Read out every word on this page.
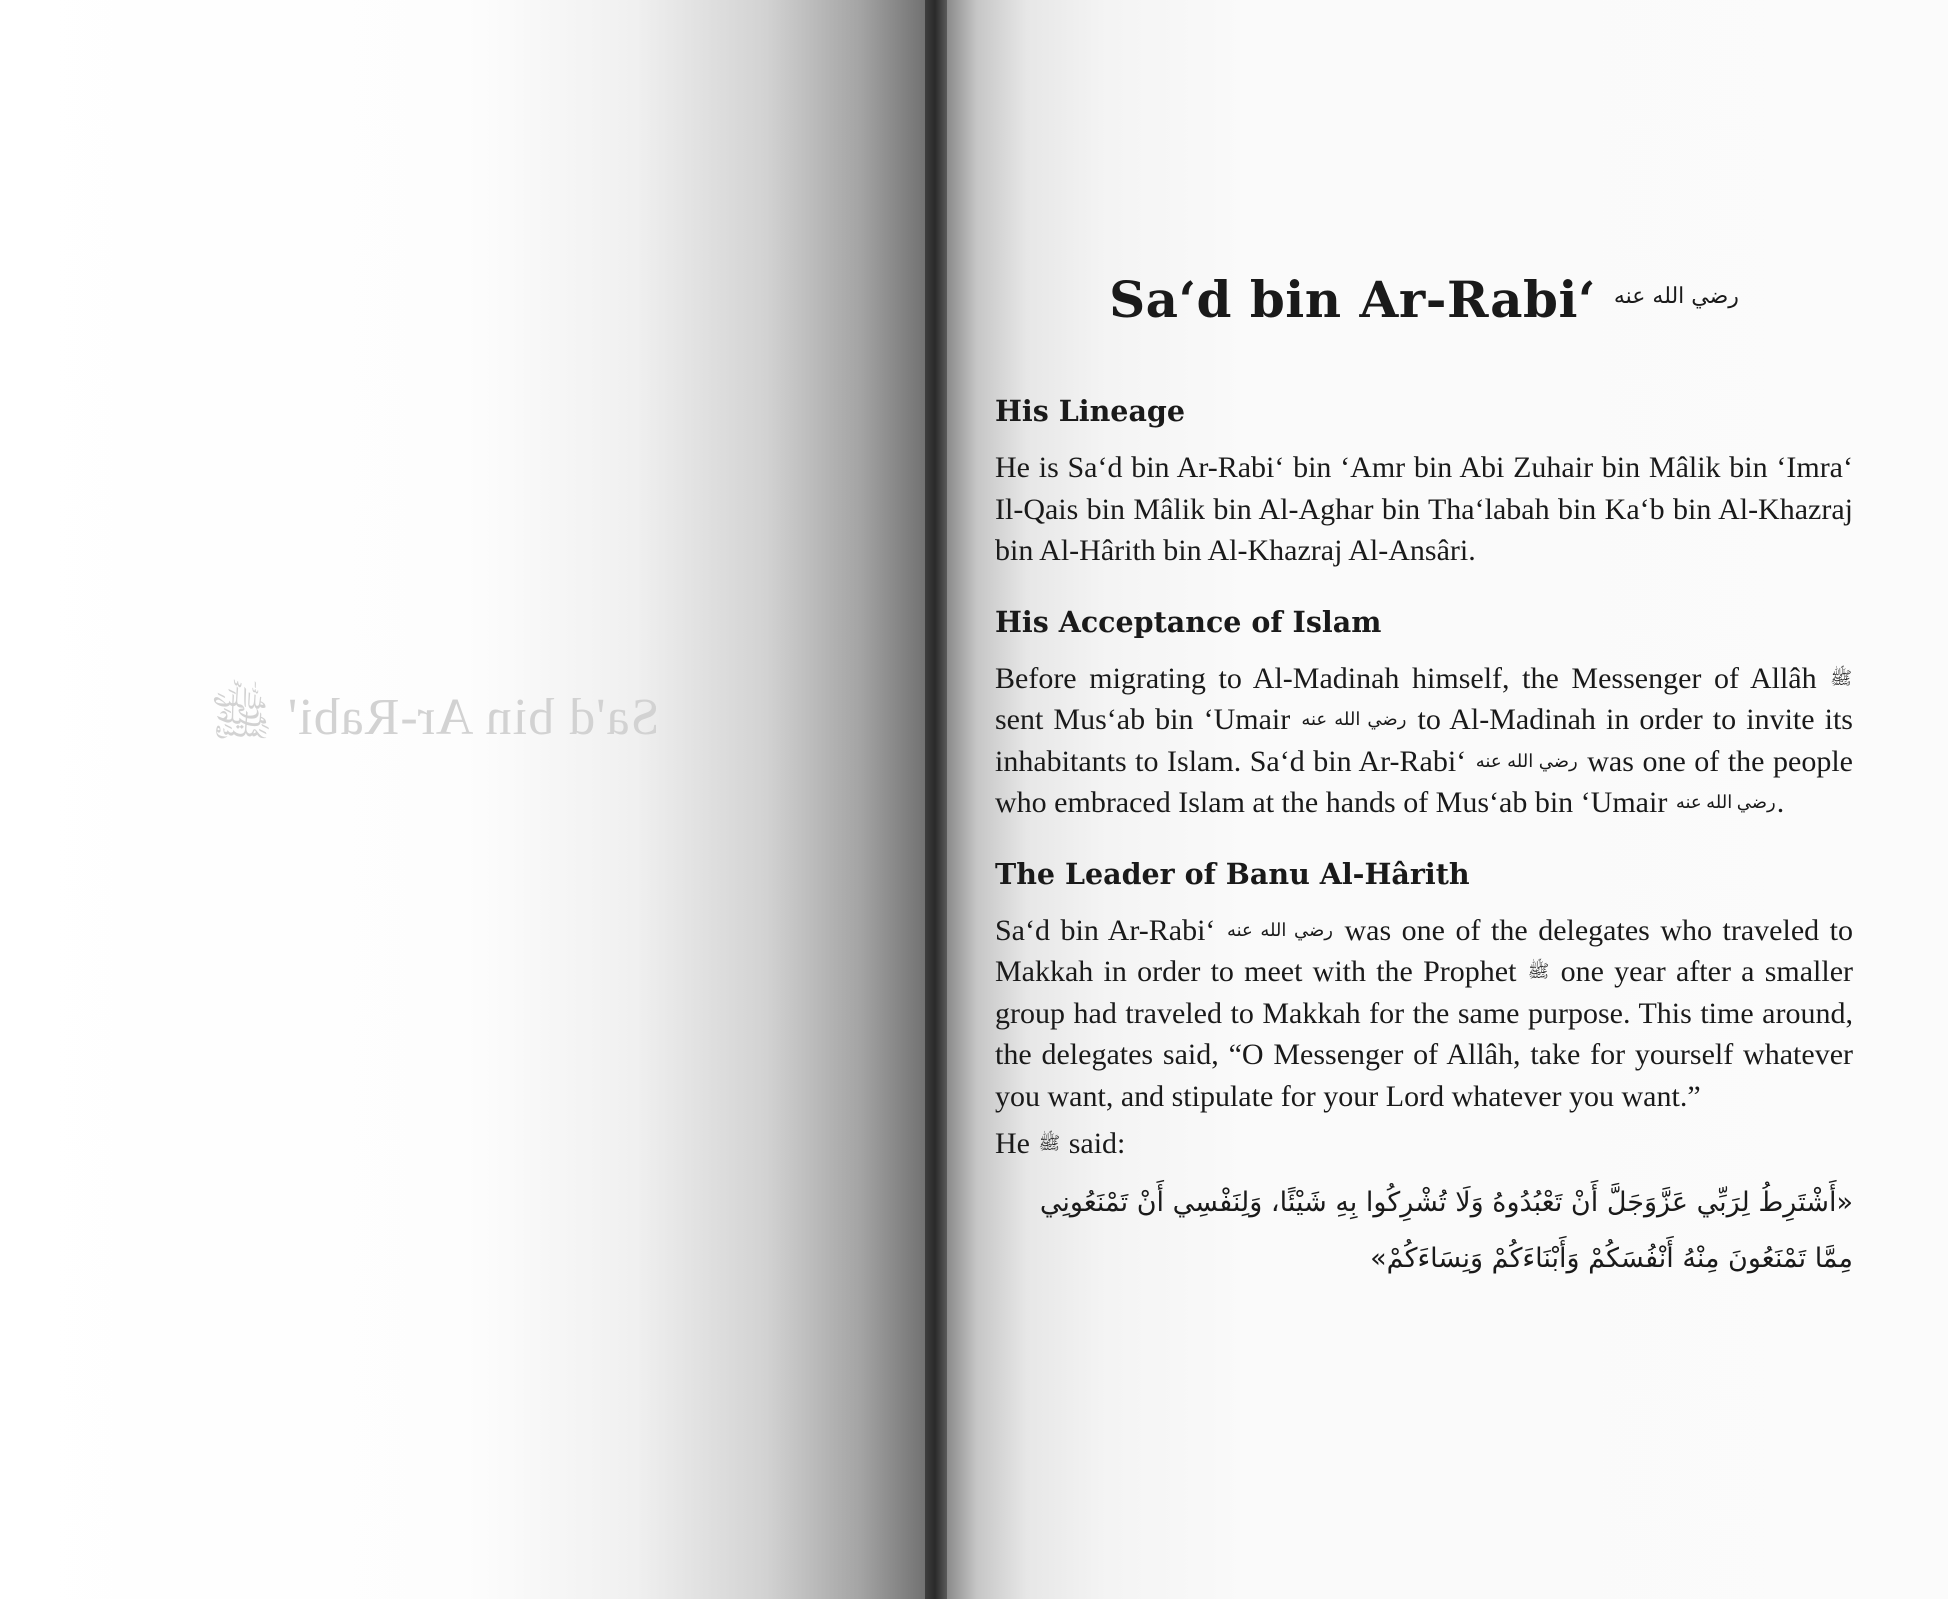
Sa'd bin Ar-Rabi' ﷺ
Sa‘d bin Ar-Rabi‘ $^{رضي الله عنه}$
His Lineage

He is Sa‘d bin Ar-Rabi‘ bin ‘Amr bin Abi Zuhair bin Mâlik bin ‘Imra‘ Il-Qais bin Mâlik bin Al-Aghar bin Tha‘labah bin Ka‘b bin Al-Khazraj bin Al-Hârith bin Al-Khazraj Al-Ansâri.

His Acceptance of Islam

Before migrating to Al-Madinah himself, the Messenger of Allâh ﷺ sent Mus‘ab bin ‘Umair رضي الله عنه to Al-Madinah in order to invite its inhabitants to Islam. Sa‘d bin Ar-Rabi‘ رضي الله عنه was one of the people who embraced Islam at the hands of Mus‘ab bin ‘Umair رضي الله عنه.

The Leader of Banu Al-Hârith

Sa‘d bin Ar-Rabi‘ رضي الله عنه was one of the delegates who traveled to Makkah in order to meet with the Prophet ﷺ one year after a smaller group had traveled to Makkah for the same purpose. This time around, the delegates said, “O Messenger of Allâh, take for yourself whatever you want, and stipulate for your Lord whatever you want.”

He ﷺ said:

«أَشْتَرِطُ لِرَبِّي عَزَّوَجَلَّ أَنْ تَعْبُدُوهُ وَلَا تُشْرِكُوا بِهِ شَيْئًا، وَلِنَفْسِي أَنْ تَمْنَعُونِي مِمَّا تَمْنَعُونَ مِنْهُ أَنْفُسَكُمْ وَأَبْنَاءَكُمْ وَنِسَاءَكُمْ»
